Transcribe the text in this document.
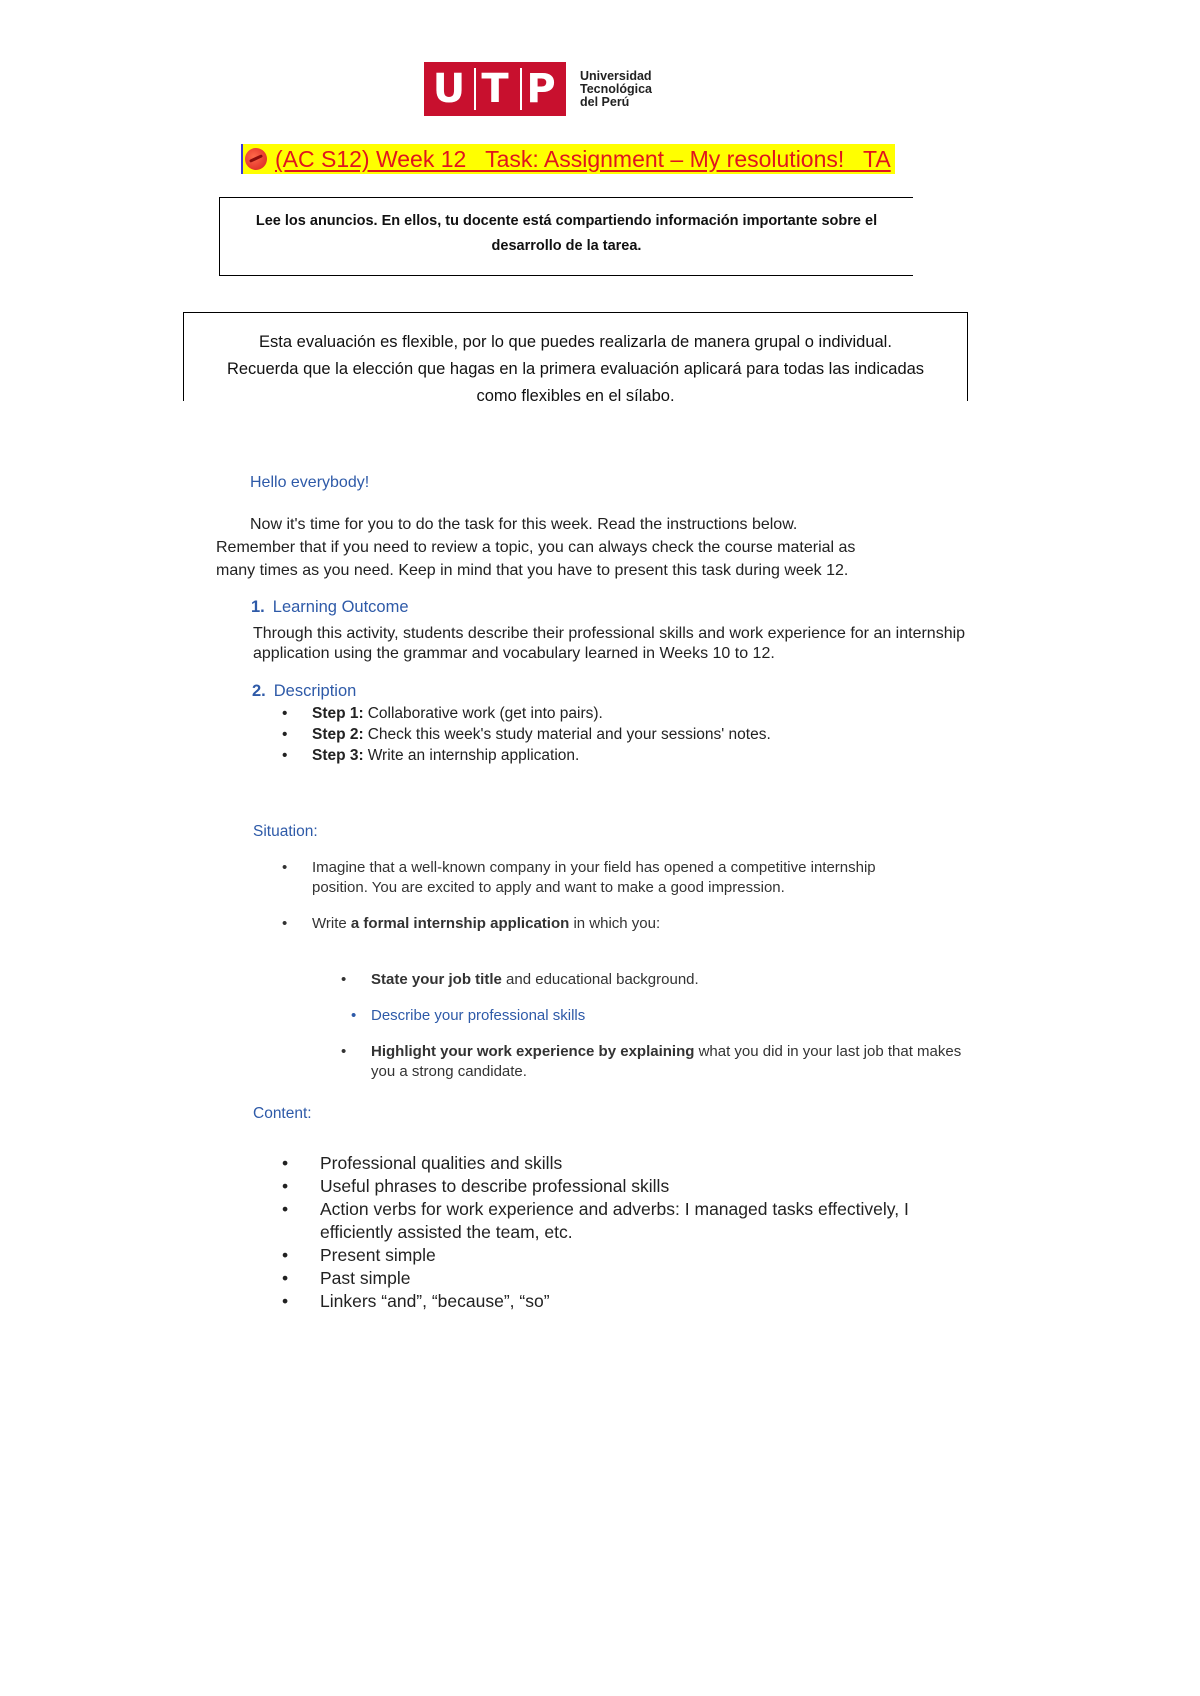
U T P	Universidad
Tecnológica
del Perú
(AC S12) Week 12   Task: Assignment – My resolutions!   TA
Lee los anuncios. En ellos, tu docente está compartiendo información importante sobre el
desarrollo de la tarea.
Esta evaluación es flexible, por lo que puedes realizarla de manera grupal o individual.
Recuerda que la elección que hagas en la primera evaluación aplicará para todas las indicadas
como flexibles en el sílabo.
Hello everybody!
Now it's time for you to do the task for this week. Read the instructions below.
Remember that if you need to review a topic, you can always check the course material as
many times as you need. Keep in mind that you have to present this task during week 12.
1. Learning Outcome
Through this activity, students describe their professional skills and work experience for an internship application using the grammar and vocabulary learned in Weeks 10 to 12.
2. Description
•	Step 1: Collaborative work (get into pairs).
•	Step 2: Check this week's study material and your sessions' notes.
•	Step 3: Write an internship application.
Situation:
•	Imagine that a well-known company in your field has opened a competitive internship position. You are excited to apply and want to make a good impression.
•	Write a formal internship application in which you:
•	State your job title and educational background.
• Describe your professional skills
•	Highlight your work experience by explaining what you did in your last job that makes you a strong candidate.
Content:
•	Professional qualities and skills
•	Useful phrases to describe professional skills
•	Action verbs for work experience and adverbs: I managed tasks effectively, I efficiently assisted the team, etc.
•	Present simple
•	Past simple
•	Linkers “and”, “because”, “so”
